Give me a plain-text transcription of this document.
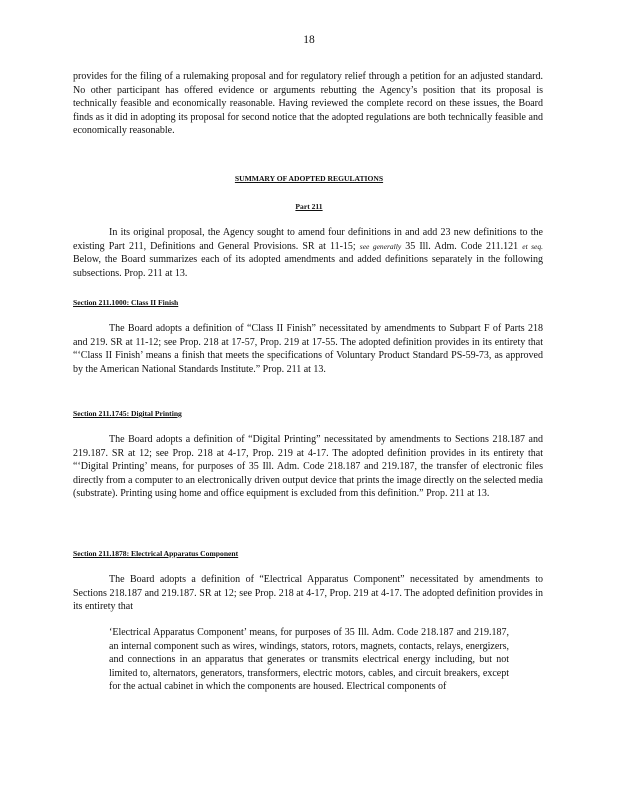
18

provides for the filing of a rulemaking proposal and for regulatory relief through a petition for an adjusted standard. No other participant has offered evidence or arguments rebutting the Agency’s position that its proposal is technically feasible and economically reasonable. Having reviewed the complete record on these issues, the Board finds as it did in adopting its proposal for second notice that the adopted regulations are both technically feasible and economically reasonable.

SUMMARY OF ADOPTED REGULATIONS
Part 211

In its original proposal, the Agency sought to amend four definitions in and add 23 new definitions to the existing Part 211, Definitions and General Provisions. SR at 11-15; see generally 35 Ill. Adm. Code 211.121 et seq. Below, the Board summarizes each of its adopted amendments and added definitions separately in the following subsections. Prop. 211 at 13.

Section 211.1000: Class II Finish

The Board adopts a definition of “Class II Finish” necessitated by amendments to Subpart F of Parts 218 and 219. SR at 11-12; see Prop. 218 at 17-57, Prop. 219 at 17-55. The adopted definition provides in its entirety that “‘Class II Finish’ means a finish that meets the specifications of Voluntary Product Standard PS-59-73, as approved by the American National Standards Institute.” Prop. 211 at 13.

Section 211.1745: Digital Printing

The Board adopts a definition of “Digital Printing” necessitated by amendments to Sections 218.187 and 219.187. SR at 12; see Prop. 218 at 4-17, Prop. 219 at 4-17. The adopted definition provides in its entirety that “‘Digital Printing’ means, for purposes of 35 Ill. Adm. Code 218.187 and 219.187, the transfer of electronic files directly from a computer to an electronically driven output device that prints the image directly on the selected media (substrate). Printing using home and office equipment is excluded from this definition.” Prop. 211 at 13.

Section 211.1878: Electrical Apparatus Component

The Board adopts a definition of “Electrical Apparatus Component” necessitated by amendments to Sections 218.187 and 219.187. SR at 12; see Prop. 218 at 4-17, Prop. 219 at 4-17. The adopted definition provides in its entirety that

‘Electrical Apparatus Component’ means, for purposes of 35 Ill. Adm. Code 218.187 and 219.187, an internal component such as wires, windings, stators, rotors, magnets, contacts, relays, energizers, and connections in an apparatus that generates or transmits electrical energy including, but not limited to, alternators, generators, transformers, electric motors, cables, and circuit breakers, except for the actual cabinet in which the components are housed. Electrical components of
